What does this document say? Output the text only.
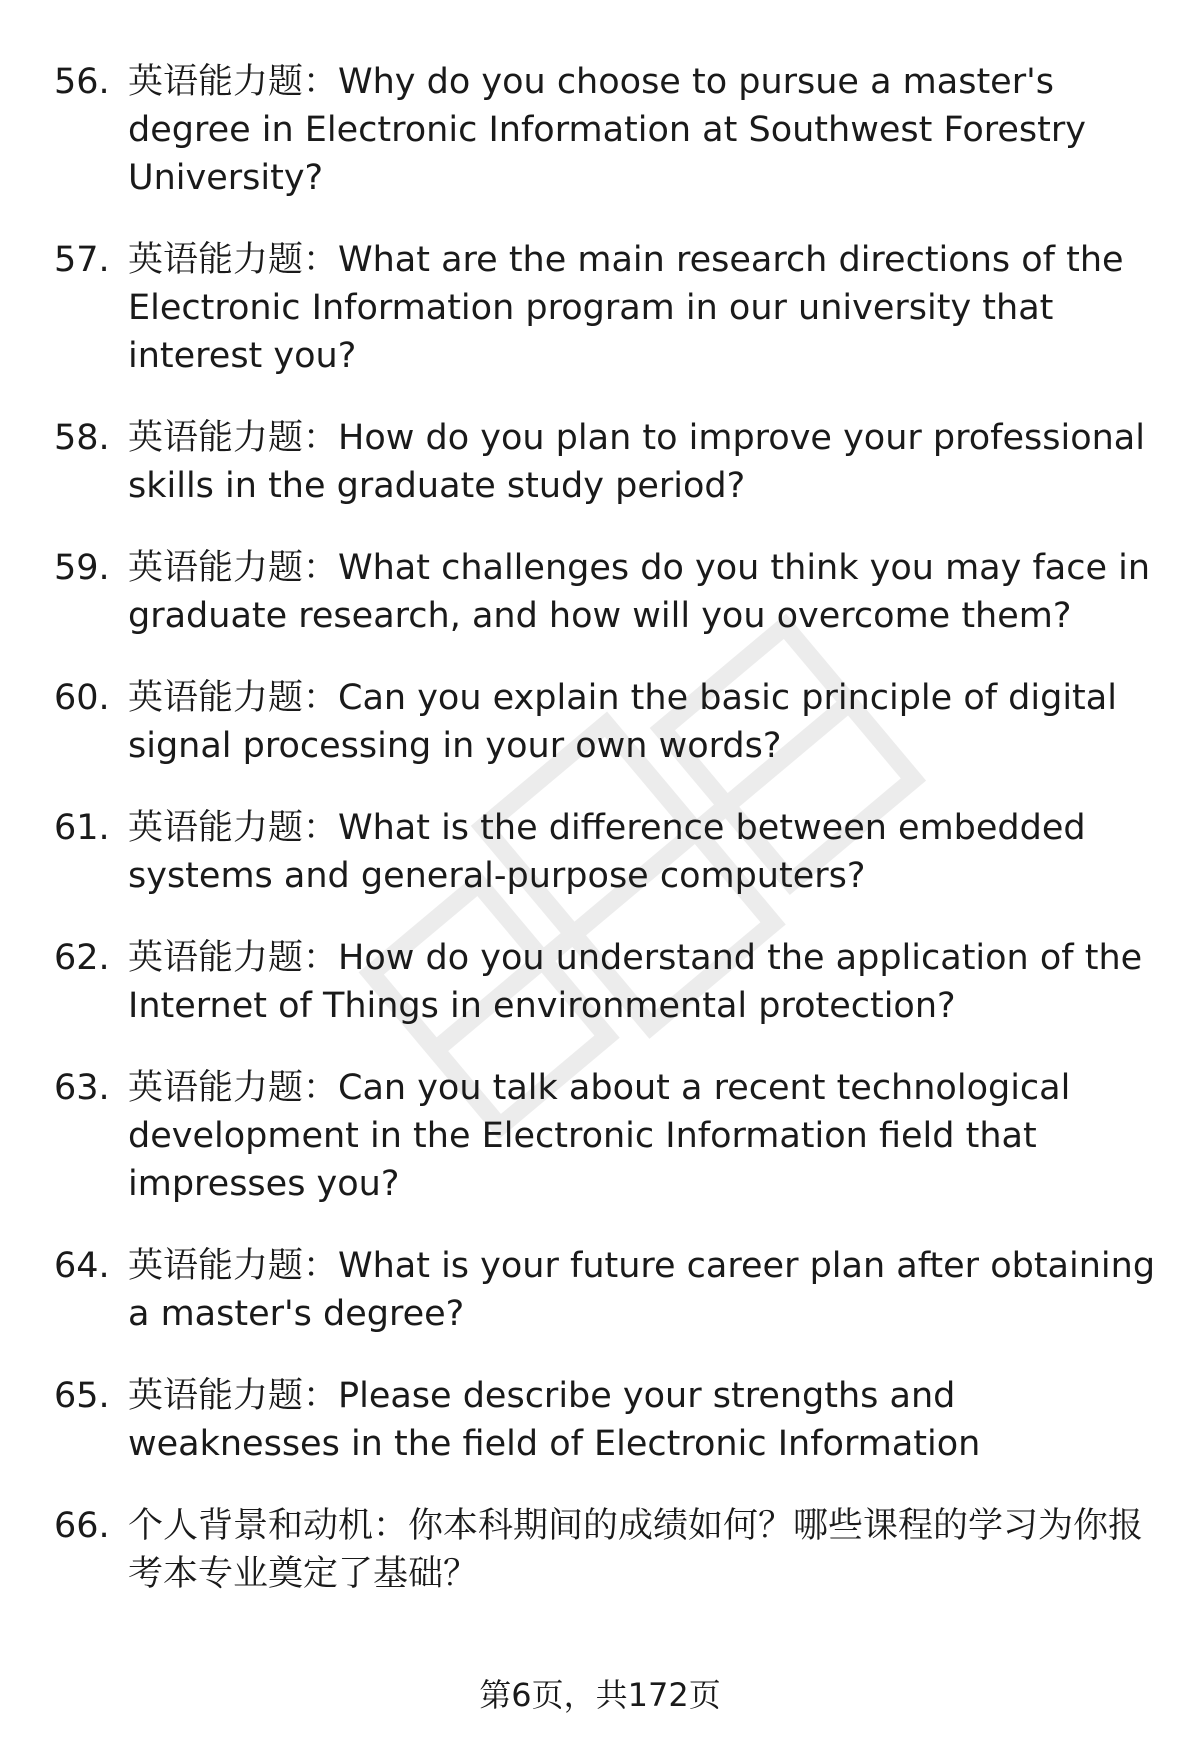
56. 英语能力题：Why do you choose to pursue a master's degree in Electronic Information at Southwest Forestry University?
57. 英语能力题：What are the main research directions of the Electronic Information program in our university that interest you?
58. 英语能力题：How do you plan to improve your professional skills in the graduate study period?
59. 英语能力题：What challenges do you think you may face in graduate research, and how will you overcome them?
60. 英语能力题：Can you explain the basic principle of digital signal processing in your own words?
61. 英语能力题：What is the difference between embedded systems and general-purpose computers?
62. 英语能力题：How do you understand the application of the Internet of Things in environmental protection?
63. 英语能力题：Can you talk about a recent technological development in the Electronic Information field that impresses you?
64. 英语能力题：What is your future career plan after obtaining a master's degree?
65. 英语能力题：Please describe your strengths and weaknesses in the field of Electronic Information
66. 个人背景和动机：你本科期间的成绩如何？哪些课程的学习为你报考本专业奠定了基础？
第6页，共172页
